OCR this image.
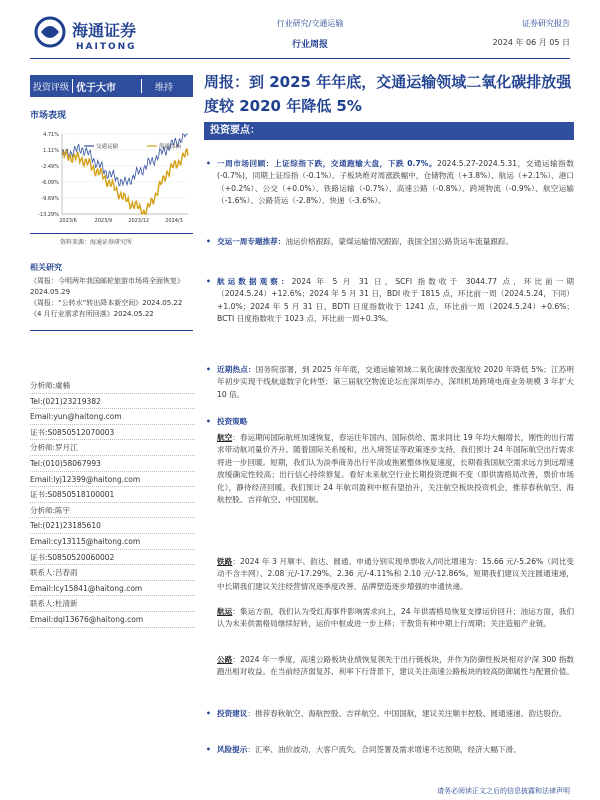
海通证券
HAITONG
行业研究/交通运输
行业周报
证券研究报告
2024 年 06 月 05 日
投资评级 优于大市	维持 周报：到 2025 年年底，交通运输领域二氧化碳排放强度较 2020 年降低 5%
市场表现
4.71%
1.11%
-2.49%
-6.09%
-9.69%
-13.29%
2023/6	2023/9	2023/12	2024/3
交通运输	海通综指
资料来源：海通证券研究所
相关研究
《周报：今明两年我国邮轮旅游市场将全面恢复》2024.05.29
《周报：“公转水”转出降本新空间》2024.05.22
《4 月行业需求有所回落》2024.05.22
分析师:虞楠
Tel:(021)23219382
Email:yun@haitong.com
证书:S0850512070003
分析师:罗月江
Tel:(010)58067993
Email:lyj12399@haitong.com
证书:S0850518100001
分析师:陈宇
Tel:(021)23185610
Email:cy13115@haitong.com
证书:S0850520060002
联系人:吕春雨
Email:lcy15841@haitong.com
联系人:杜清新
Email:dql13676@haitong.com
投资要点：
• 一周市场回顾：上证综指下跌，交通跑输大盘，下跌 0.7%。2024.5.27-2024.5.31，交通运输指数(-0.7%)，同期上证综指（-0.1%）。子板块绝对周涨跌幅中，仓储物流（+3.8%）、航运（+2.1%）、港口（+0.2%）、公交（+0.0%）、铁路运输（-0.7%）、高速公路（-0.8%）、跨境物流（-0.9%）、航空运输（-1.6%）、公路货运（-2.8%）、快递（-3.6%）。
• 交运一周专题推荐：油运价格跟踪，蒙煤运输情况跟踪，我国全国公路货运车流量跟踪。
• 航运数据观察：2024 年 5 月 31 日，SCFI 指数收于 3044.77 点，环比前一期（2024.5.24）+12.6%；2024 年 5 月 31 日，BDI 收于 1815 点，环比前一周（2024.5.24，下同）+1.0%；2024 年 5 月 31 日，BDTI 日度指数收于 1241 点，环比前一周（2024.5.24）+0.6%；BCTI 日度指数收于 1023 点，环比前一周+0.3%。
• 近期热点：国务院部署，到 2025 年年底，交通运输领域二氧化碳排放强度较 2020 年降低 5%；江苏明年初步实现干线航道数字化转型；第三届航空物流论坛在深圳举办，深圳机场跨境电商业务规模 3 年扩大 10 倍。
• 投资策略
航空：春运期间国际航班加速恢复，春运往年国内、国际供给、需求同比 19 年均大幅增长，刚性的出行需求带动航司量价齐升。随着国际关系缓和，出入境签证等政策逐步支持，我们预计 24 年国际航空出行需求将进一步回暖。短期，我们认为淡季商务出行平淡或拖累整体恢复速度，长期看我国航空需求远方到远增速放缓确定性较高；出行信心持续修复。看好未来航空行业长期投资逻辑不变（即供需格局改善，票价市场化），静待经济回暖。我们预计 24 年航司盈利中枢有望抬升，关注航空板块投资机会，推荐春秋航空、海航控股、吉祥航空、中国国航。
铁路：2024 年 3 月顺丰、韵达、圆通、申通分别实现单票收入/同比增速为：15.66 元/-5.26%（同比变动不含丰网）、2.08 元/-17.29%、2.36 元/-4.11%和 2.10 元/-12.86%。短期我们建议关注圆通速递，中长期我们建议关注经营情况逐季度改善、品牌塑造逐步增强的申通快递。
航运：集运方面，我们认为受红海事件影响需求向上，24 年供需格局恢复支撑运价回升；油运方面，我们认为未来供需格局继续好转，运价中枢或进一步上移；干散货有种中期上行周期；关注造船产业链。
公路：2024 年一季度，高速公路板块业绩恢复领先于出行链板块，并作为防御性板块相对沪深 300 指数跑出相对收益。在当前经济弱复苏、利率下行背景下，建议关注高速公路板块的较高防御属性与配置价值。
• 投资建议：推荐春秋航空、海航控股、吉祥航空、中国国航，建议关注顺丰控股、圆通速递、韵达股份。
• 风险提示：汇率、油价波动，大客户流失，合同签署及需求增速不达预期，经济大幅下滑。
请务必阅读正文之后的信息披露和法律声明
